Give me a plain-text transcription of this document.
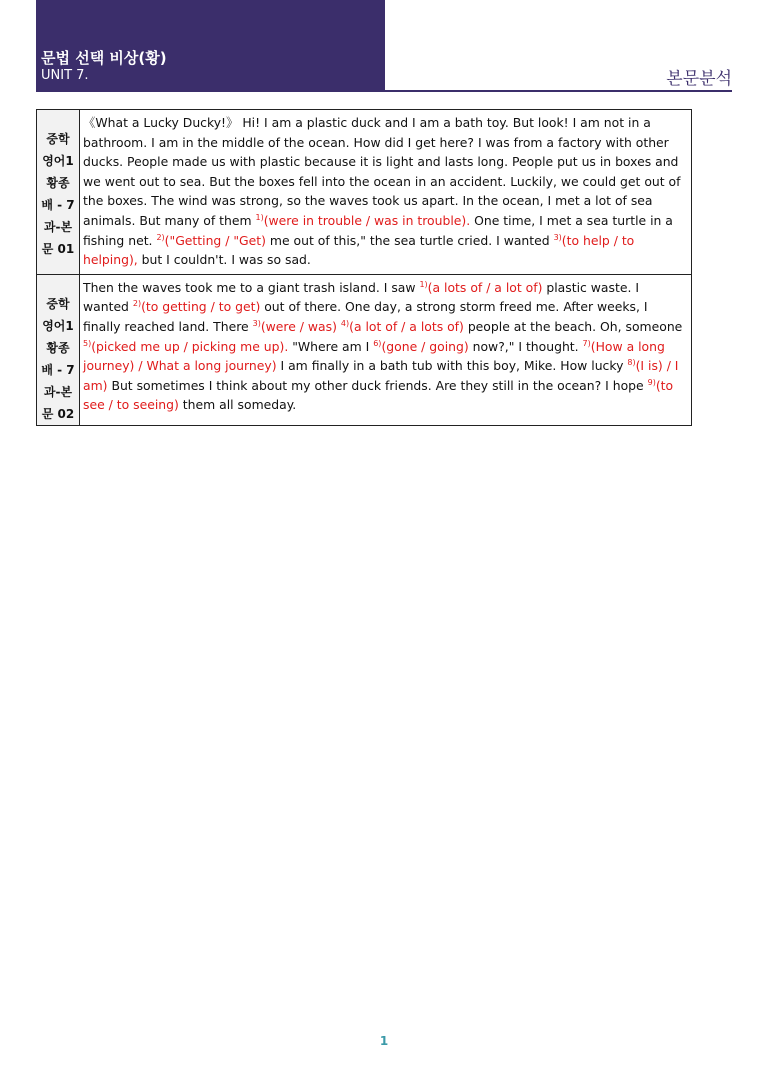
문법 선택 비상(황)
UNIT 7.	본문분석
중학
영어1
황종
배 - 7
과-본
문 01
《What a Lucky Ducky!》 Hi! I am a plastic duck and I am a bath toy. But look! I am not in a bathroom. I am in the middle of the ocean. How did I get here? I was from a factory with other ducks. People made us with plastic because it is light and lasts long. People put us in boxes and we went out to sea. But the boxes fell into the ocean in an accident. Luckily, we could get out of the boxes. The wind was strong, so the waves took us apart. In the ocean, I met a lot of sea animals. But many of them $^{1)}$(were in trouble / was in trouble). One time, I met a sea turtle in a fishing net. $^{2)}$("Getting / "Get) me out of this," the sea turtle cried. I wanted $^{3)}$(to help / to helping), but I couldn't. I was so sad.
중학
영어1
황종
배 - 7
과-본
문 02
Then the waves took me to a giant trash island. I saw $^{1)}$(a lots of / a lot of) plastic waste. I wanted $^{2)}$(to getting / to get) out of there. One day, a strong storm freed me. After weeks, I finally reached land. There $^{3)}$(were / was) $^{4)}$(a lot of / a lots of) people at the beach. Oh, someone $^{5)}$(picked me up / picking me up). "Where am I $^{6)}$(gone / going) now?," I thought. $^{7)}$(How a long journey) / What a long journey) I am finally in a bath tub with this boy, Mike. How lucky $^{8)}$(I is) / I am) But sometimes I think about my other duck friends. Are they still in the ocean? I hope $^{9)}$(to see / to seeing) them all someday.
1
